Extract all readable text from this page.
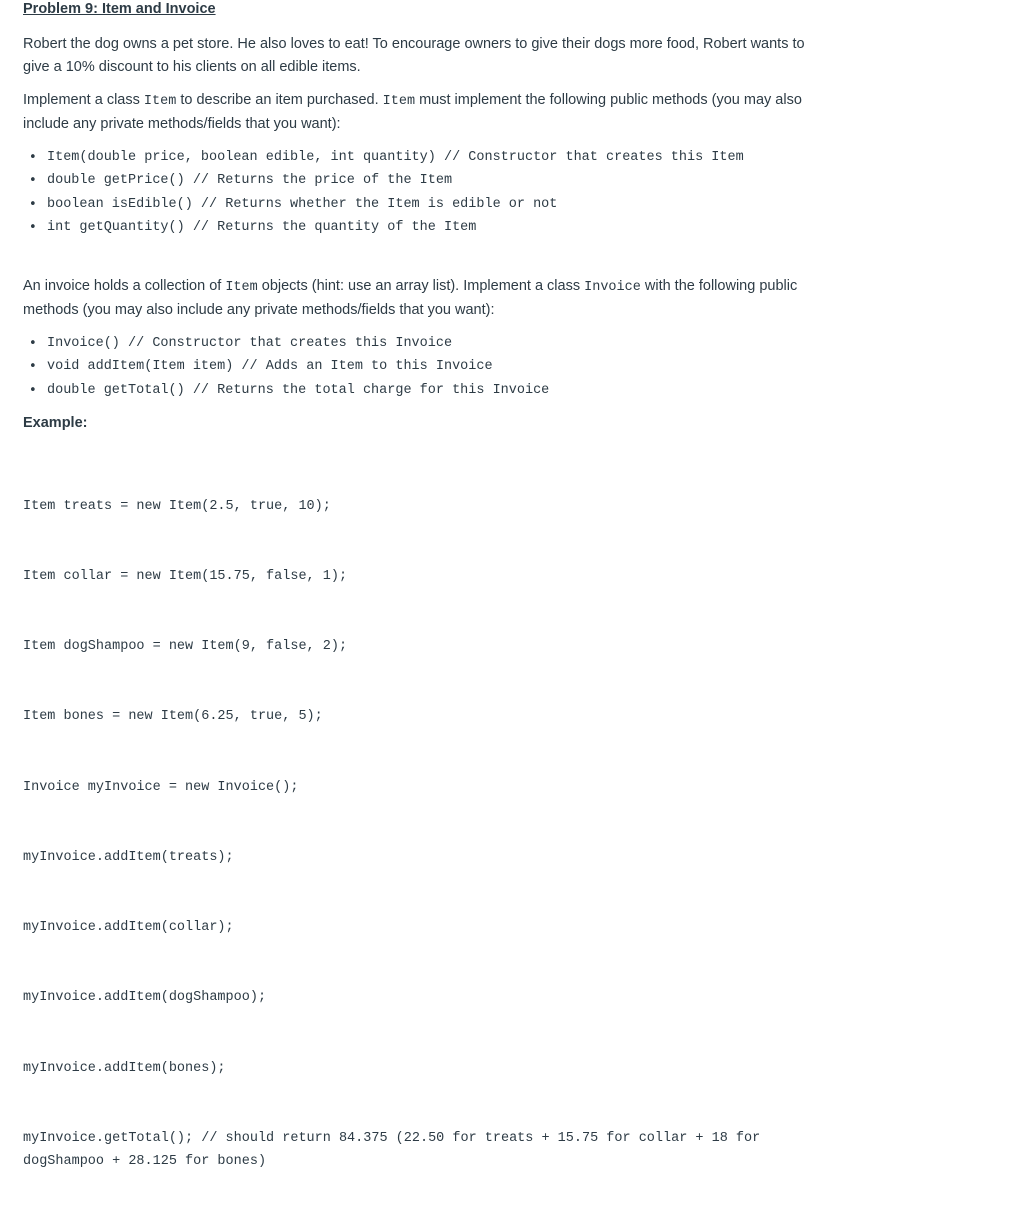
Problem 9: Item and Invoice
Robert the dog owns a pet store. He also loves to eat! To encourage owners to give their dogs more food, Robert wants to give a 10% discount to his clients on all edible items.
Implement a class Item to describe an item purchased. Item must implement the following public methods (you may also include any private methods/fields that you want):
• Item(double price, boolean edible, int quantity) // Constructor that creates this Item
• double getPrice() // Returns the price of the Item
• boolean isEdible() // Returns whether the Item is edible or not
• int getQuantity() // Returns the quantity of the Item
An invoice holds a collection of Item objects (hint: use an array list). Implement a class Invoice with the following public methods (you may also include any private methods/fields that you want):
• Invoice() // Constructor that creates this Invoice
• void addItem(Item item) // Adds an Item to this Invoice
• double getTotal() // Returns the total charge for this Invoice
Example:

Item treats = new Item(2.5, true, 10);

Item collar = new Item(15.75, false, 1);

Item dogShampoo = new Item(9, false, 2);

Item bones = new Item(6.25, true, 5);

Invoice myInvoice = new Invoice();

myInvoice.addItem(treats);

myInvoice.addItem(collar);

myInvoice.addItem(dogShampoo);

myInvoice.addItem(bones);

myInvoice.getTotal(); // should return 84.375 (22.50 for treats + 15.75 for collar + 18 for dogShampoo + 28.125 for bones)
